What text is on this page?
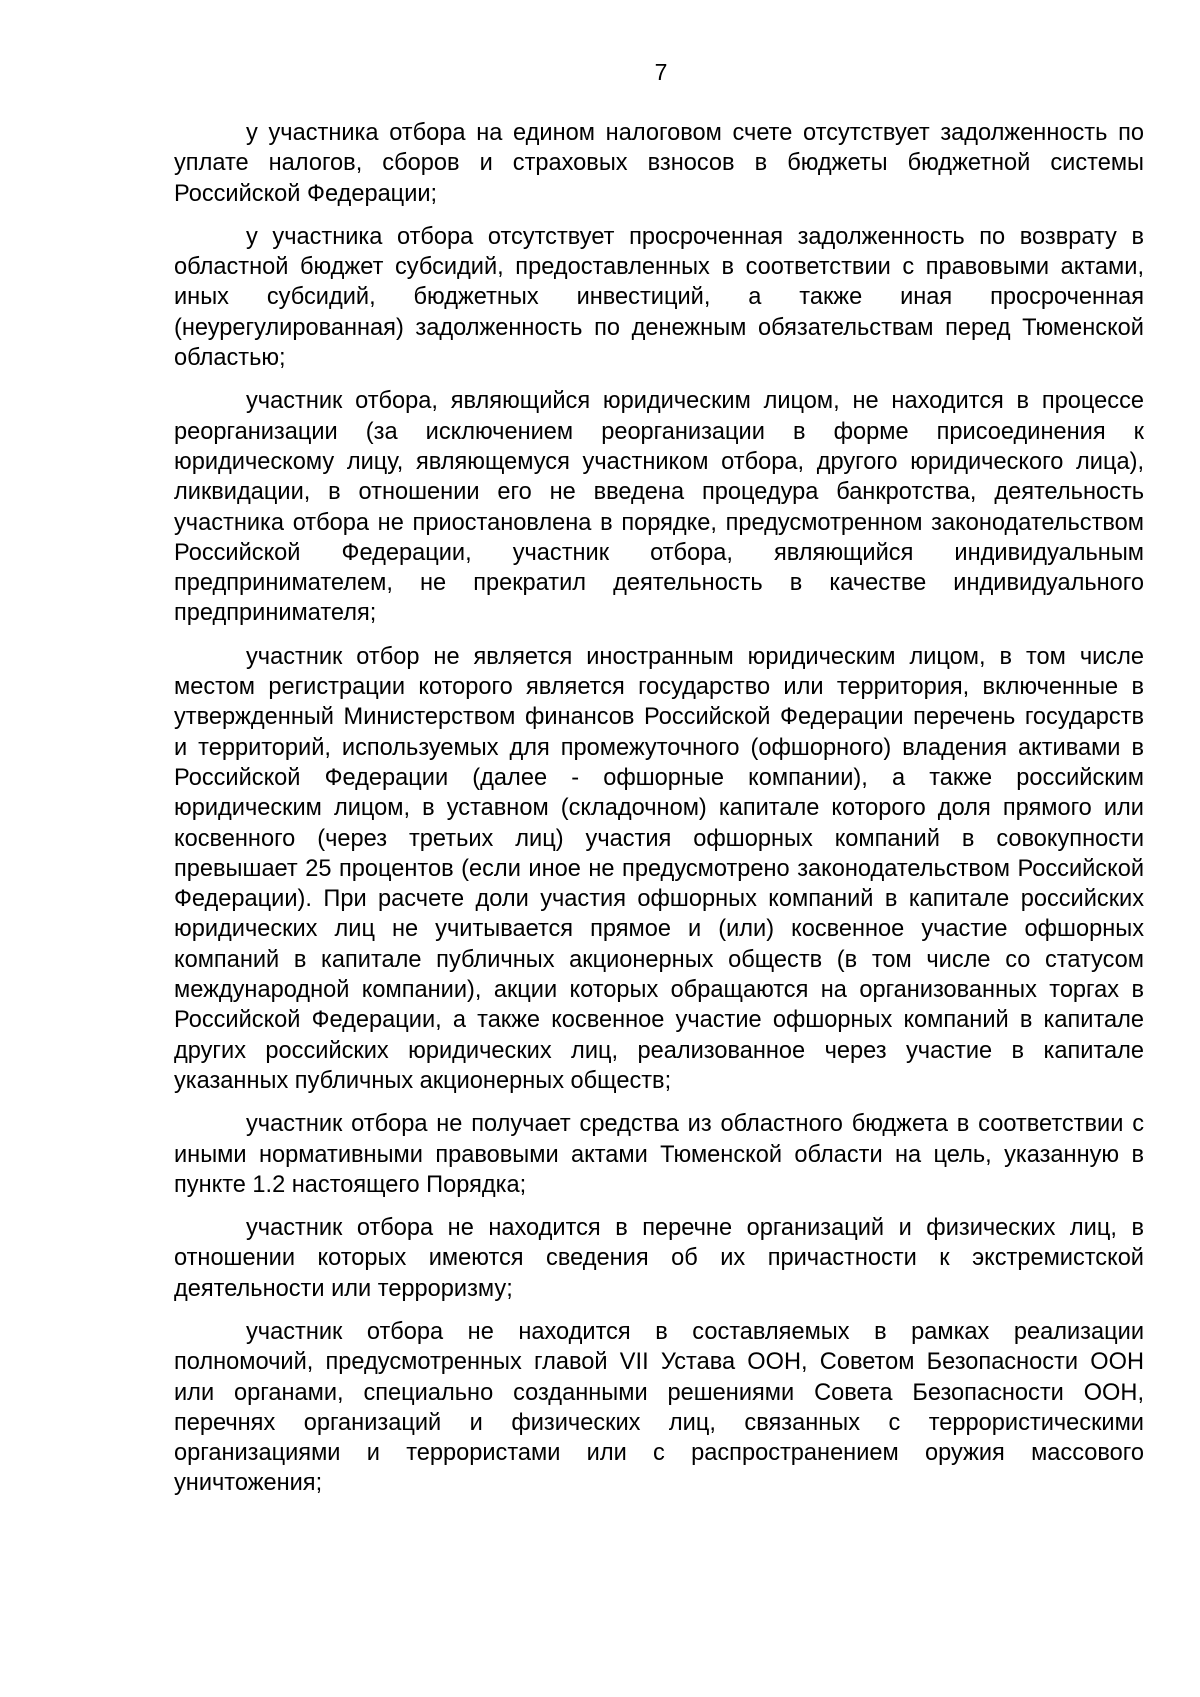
7

у участника отбора на едином налоговом счете отсутствует задолженность по уплате налогов, сборов и страховых взносов в бюджеты бюджетной системы Российской Федерации;

у участника отбора отсутствует просроченная задолженность по возврату в областной бюджет субсидий, предоставленных в соответствии с правовыми актами, иных субсидий, бюджетных инвестиций, а также иная просроченная (неурегулированная) задолженность по денежным обязательствам перед Тюменской областью;

участник отбора, являющийся юридическим лицом, не находится в процессе реорганизации (за исключением реорганизации в форме присоединения к юридическому лицу, являющемуся участником отбора, другого юридического лица), ликвидации, в отношении его не введена процедура банкротства, деятельность участника отбора не приостановлена в порядке, предусмотренном законодательством Российской Федерации, участник отбора, являющийся индивидуальным предпринимателем, не прекратил деятельность в качестве индивидуального предпринимателя;

участник отбор не является иностранным юридическим лицом, в том числе местом регистрации которого является государство или территория, включенные в утвержденный Министерством финансов Российской Федерации перечень государств и территорий, используемых для промежуточного (офшорного) владения активами в Российской Федерации (далее - офшорные компании), а также российским юридическим лицом, в уставном (складочном) капитале которого доля прямого или косвенного (через третьих лиц) участия офшорных компаний в совокупности превышает 25 процентов (если иное не предусмотрено законодательством Российской Федерации). При расчете доли участия офшорных компаний в капитале российских юридических лиц не учитывается прямое и (или) косвенное участие офшорных компаний в капитале публичных акционерных обществ (в том числе со статусом международной компании), акции которых обращаются на организованных торгах в Российской Федерации, а также косвенное участие офшорных компаний в капитале других российских юридических лиц, реализованное через участие в капитале указанных публичных акционерных обществ;

участник отбора не получает средства из областного бюджета в соответствии с иными нормативными правовыми актами Тюменской области на цель, указанную в пункте 1.2 настоящего Порядка;

участник отбора не находится в перечне организаций и физических лиц, в отношении которых имеются сведения об их причастности к экстремистской деятельности или терроризму;

участник отбора не находится в составляемых в рамках реализации полномочий, предусмотренных главой VII Устава ООН, Советом Безопасности ООН или органами, специально созданными решениями Совета Безопасности ООН, перечнях организаций и физических лиц, связанных с террористическими организациями и террористами или с распространением оружия массового уничтожения;
